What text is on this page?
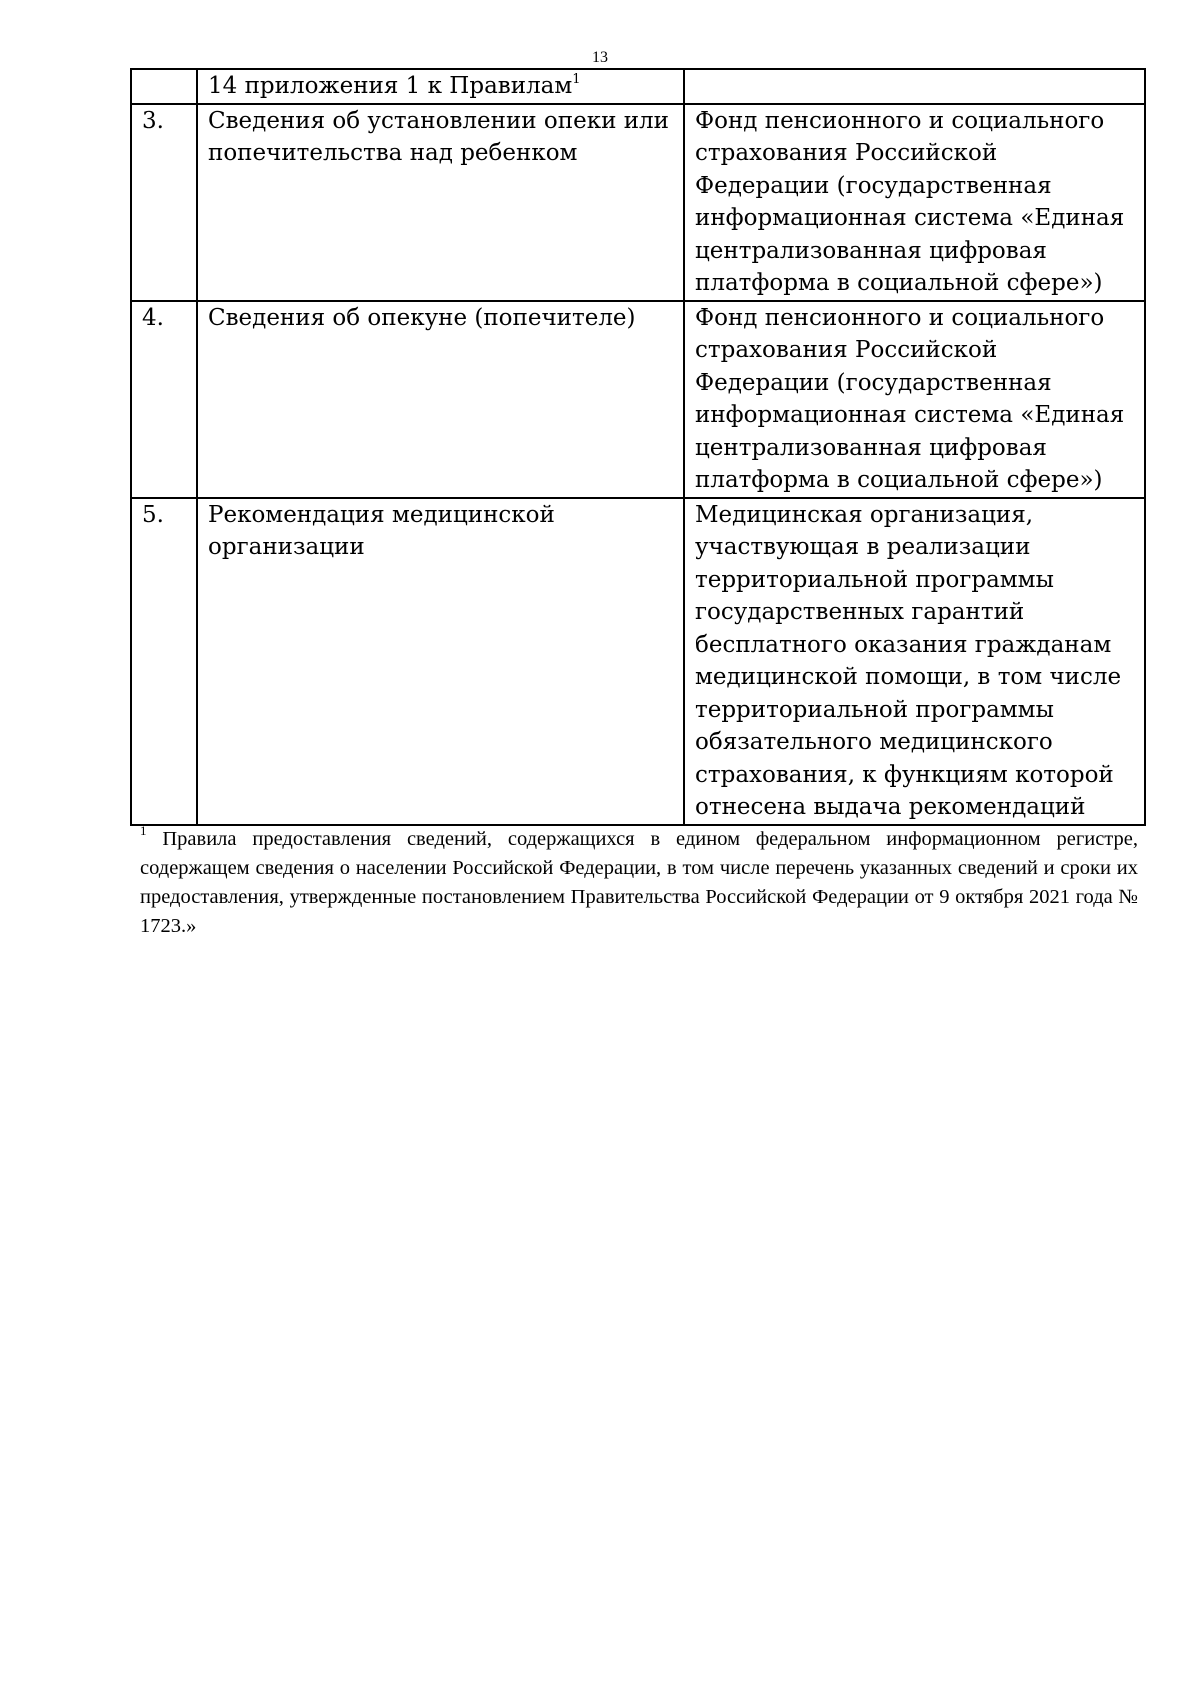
13
	14 приложения 1 к Правилам$^1$	
3.	Сведения об установлении опеки или попечительства над ребенком	Фонд пенсионного и социального страхования Российской Федерации (государственная информационная система «Единая централизованная цифровая платформа в социальной сфере»)
4.	Сведения об опекуне (попечителе)	Фонд пенсионного и социального страхования Российской Федерации (государственная информационная система «Единая централизованная цифровая платформа в социальной сфере»)
5.	Рекомендация медицинской организации	Медицинская организация, участвующая в реализации территориальной программы государственных гарантий бесплатного оказания гражданам медицинской помощи, в том числе территориальной программы обязательного медицинского страхования, к функциям которой отнесена выдача рекомендаций
$^1$ Правила предоставления сведений, содержащихся в едином федеральном информационном регистре, содержащем сведения о населении Российской Федерации, в том числе перечень указанных сведений и сроки их предоставления, утвержденные постановлением Правительства Российской Федерации от 9 октября 2021 года № 1723.»
